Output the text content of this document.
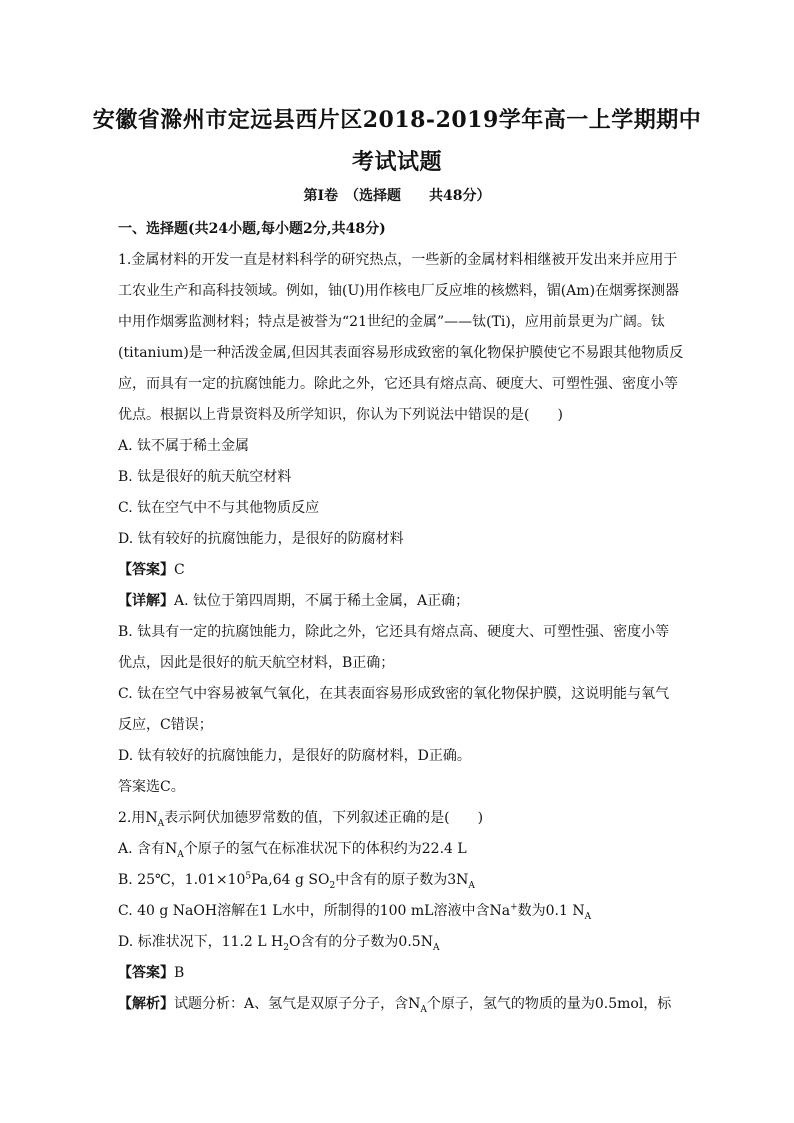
安徽省滁州市定远县西片区2018-2019学年高一上学期期中
考试试题
第Ⅰ卷　（选择题　　共48分）
一、选择题(共24小题,每小题2分,共48分)
1.金属材料的开发一直是材料科学的研究热点，一些新的金属材料相继被开发出来并应用于
工农业生产和高科技领域。例如，铀(U)用作核电厂反应堆的核燃料，镅(Am)在烟雾探测器
中用作烟雾监测材料；特点是被誉为“21世纪的金属”——钛(Ti)，应用前景更为广阔。钛
(titanium)是一种活泼金属,但因其表面容易形成致密的氧化物保护膜使它不易跟其他物质反
应，而具有一定的抗腐蚀能力。除此之外，它还具有熔点高、硬度大、可塑性强、密度小等
优点。根据以上背景资料及所学知识，你认为下列说法中错误的是(　　)
A. 钛不属于稀土金属
B. 钛是很好的航天航空材料
C. 钛在空气中不与其他物质反应
D. 钛有较好的抗腐蚀能力，是很好的防腐材料
【答案】C
【详解】A. 钛位于第四周期，不属于稀土金属，A正确；
B. 钛具有一定的抗腐蚀能力，除此之外，它还具有熔点高、硬度大、可塑性强、密度小等
优点，因此是很好的航天航空材料，B正确；
C. 钛在空气中容易被氧气氧化，在其表面容易形成致密的氧化物保护膜，这说明能与氧气
反应，C错误；
D. 钛有较好的抗腐蚀能力，是很好的防腐材料，D正确。
答案选C。
2.用$N_A$表示阿伏加德罗常数的值，下列叙述正确的是(　　)
A. 含有$N_A$个原子的氢气在标准状况下的体积约为22.4 L
B. 25℃，$1.01\times 10^5Pa,64$ g $SO_2$中含有的原子数为$3N_A$
C. 40 g NaOH溶解在1 L水中，所制得的100 mL溶液中含Na+数为0.1 $N_A$
D. 标准状况下，11.2 L $H_2O$含有的分子数为$0.5N_A$
【答案】B
【解析】试题分析：A、氢气是双原子分子，含$N_A$个原子，氢气的物质的量为0.5mol，标
